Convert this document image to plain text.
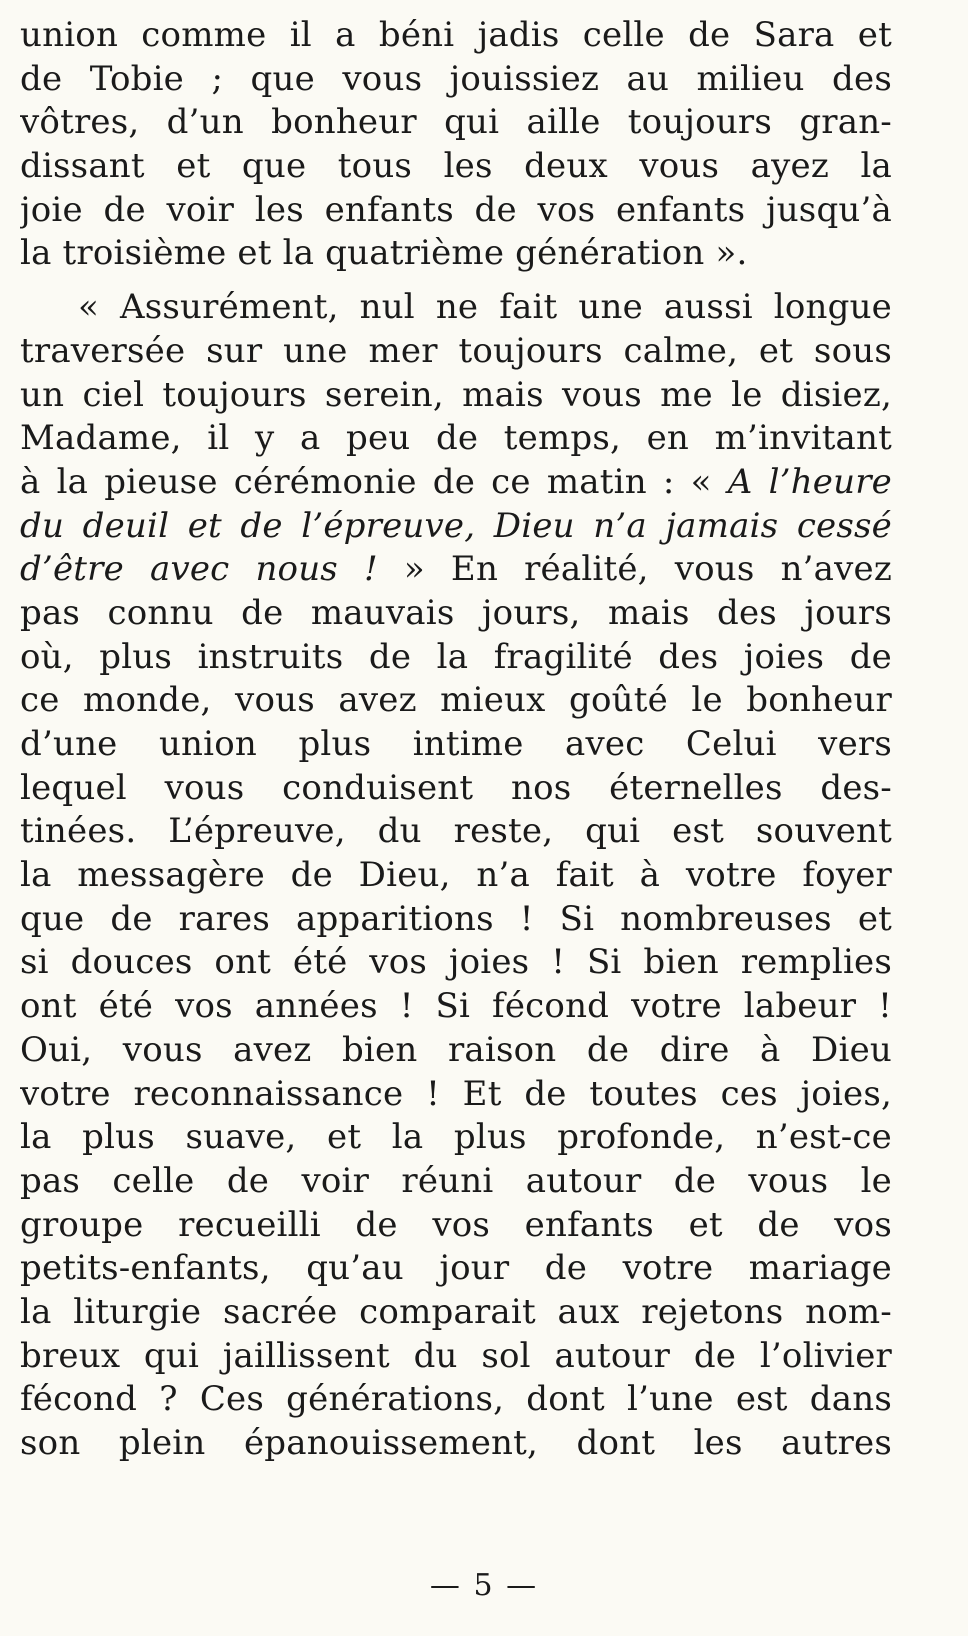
union comme il a béni jadis celle de Sara et
de Tobie ; que vous jouissiez au milieu des
vôtres, d’un bonheur qui aille toujours gran-
dissant et que tous les deux vous ayez la
joie de voir les enfants de vos enfants jusqu’à
la troisième et la quatrième génération ».
« Assurément, nul ne fait une aussi longue
traversée sur une mer toujours calme, et sous
un ciel toujours serein, mais vous me le disiez,
Madame, il y a peu de temps, en m’invitant
à la pieuse cérémonie de ce matin : « A l’heure
du deuil et de l’épreuve, Dieu n’a jamais cessé
d’être avec nous ! » En réalité, vous n’avez
pas connu de mauvais jours, mais des jours
où, plus instruits de la fragilité des joies de
ce monde, vous avez mieux goûté le bonheur
d’une union plus intime avec Celui vers
lequel vous conduisent nos éternelles des-
tinées. L’épreuve, du reste, qui est souvent
la messagère de Dieu, n’a fait à votre foyer
que de rares apparitions ! Si nombreuses et
si douces ont été vos joies ! Si bien remplies
ont été vos années ! Si fécond votre labeur !
Oui, vous avez bien raison de dire à Dieu
votre reconnaissance ! Et de toutes ces joies,
la plus suave, et la plus profonde, n’est-ce
pas celle de voir réuni autour de vous le
groupe recueilli de vos enfants et de vos
petits-enfants, qu’au jour de votre mariage
la liturgie sacrée comparait aux rejetons nom-
breux qui jaillissent du sol autour de l’olivier
fécond ? Ces générations, dont l’une est dans
son plein épanouissement, dont les autres
— 5 —
